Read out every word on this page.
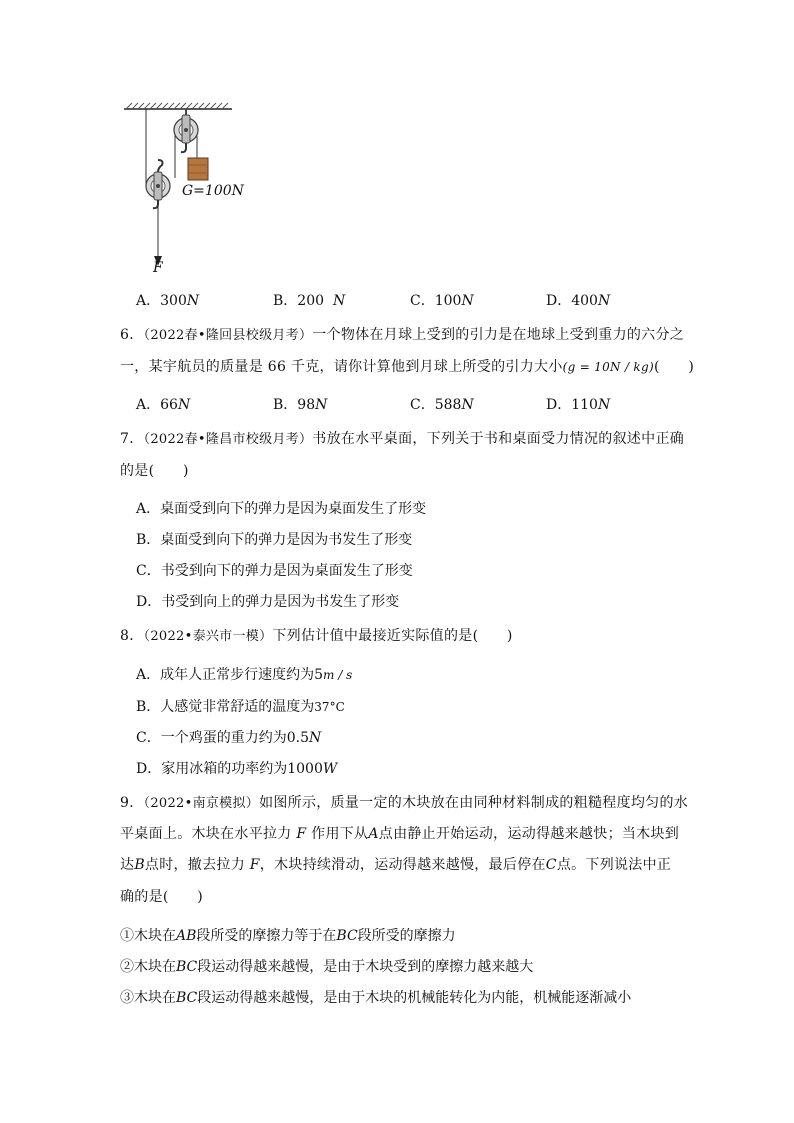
G=100N
F
A．300N	B．200 N	C．100N	D．400N
6．（2022春•隆回县校级月考）一个物体在月球上受到的引力是在地球上受到重力的六分之
一，某宇航员的质量是 66 千克，请你计算他到月球上所受的引力大小(g = 10N / kg)(　　)
A．66N	B．98N	C．588N	D．110N
7．（2022春•隆昌市校级月考）书放在水平桌面，下列关于书和桌面受力情况的叙述中正确
的是(　　)
A．桌面受到向下的弹力是因为桌面发生了形变
B．桌面受到向下的弹力是因为书发生了形变
C．书受到向下的弹力是因为桌面发生了形变
D．书受到向上的弹力是因为书发生了形变
8．（2022•泰兴市一模）下列估计值中最接近实际值的是(　　)
A．成年人正常步行速度约为5m / s
B．人感觉非常舒适的温度为37°C
C．一个鸡蛋的重力约为0.5N
D．家用冰箱的功率约为1000W
9．（2022•南京模拟）如图所示，质量一定的木块放在由同种材料制成的粗糙程度均匀的水
平桌面上。木块在水平拉力 F 作用下从A点由静止开始运动，运动得越来越快；当木块到
达B点时，撤去拉力 F，木块持续滑动，运动得越来越慢，最后停在C点。下列说法中正
确的是(　　)
①木块在AB段所受的摩擦力等于在BC段所受的摩擦力
②木块在BC段运动得越来越慢，是由于木块受到的摩擦力越来越大
③木块在BC段运动得越来越慢，是由于木块的机械能转化为内能，机械能逐渐减小
